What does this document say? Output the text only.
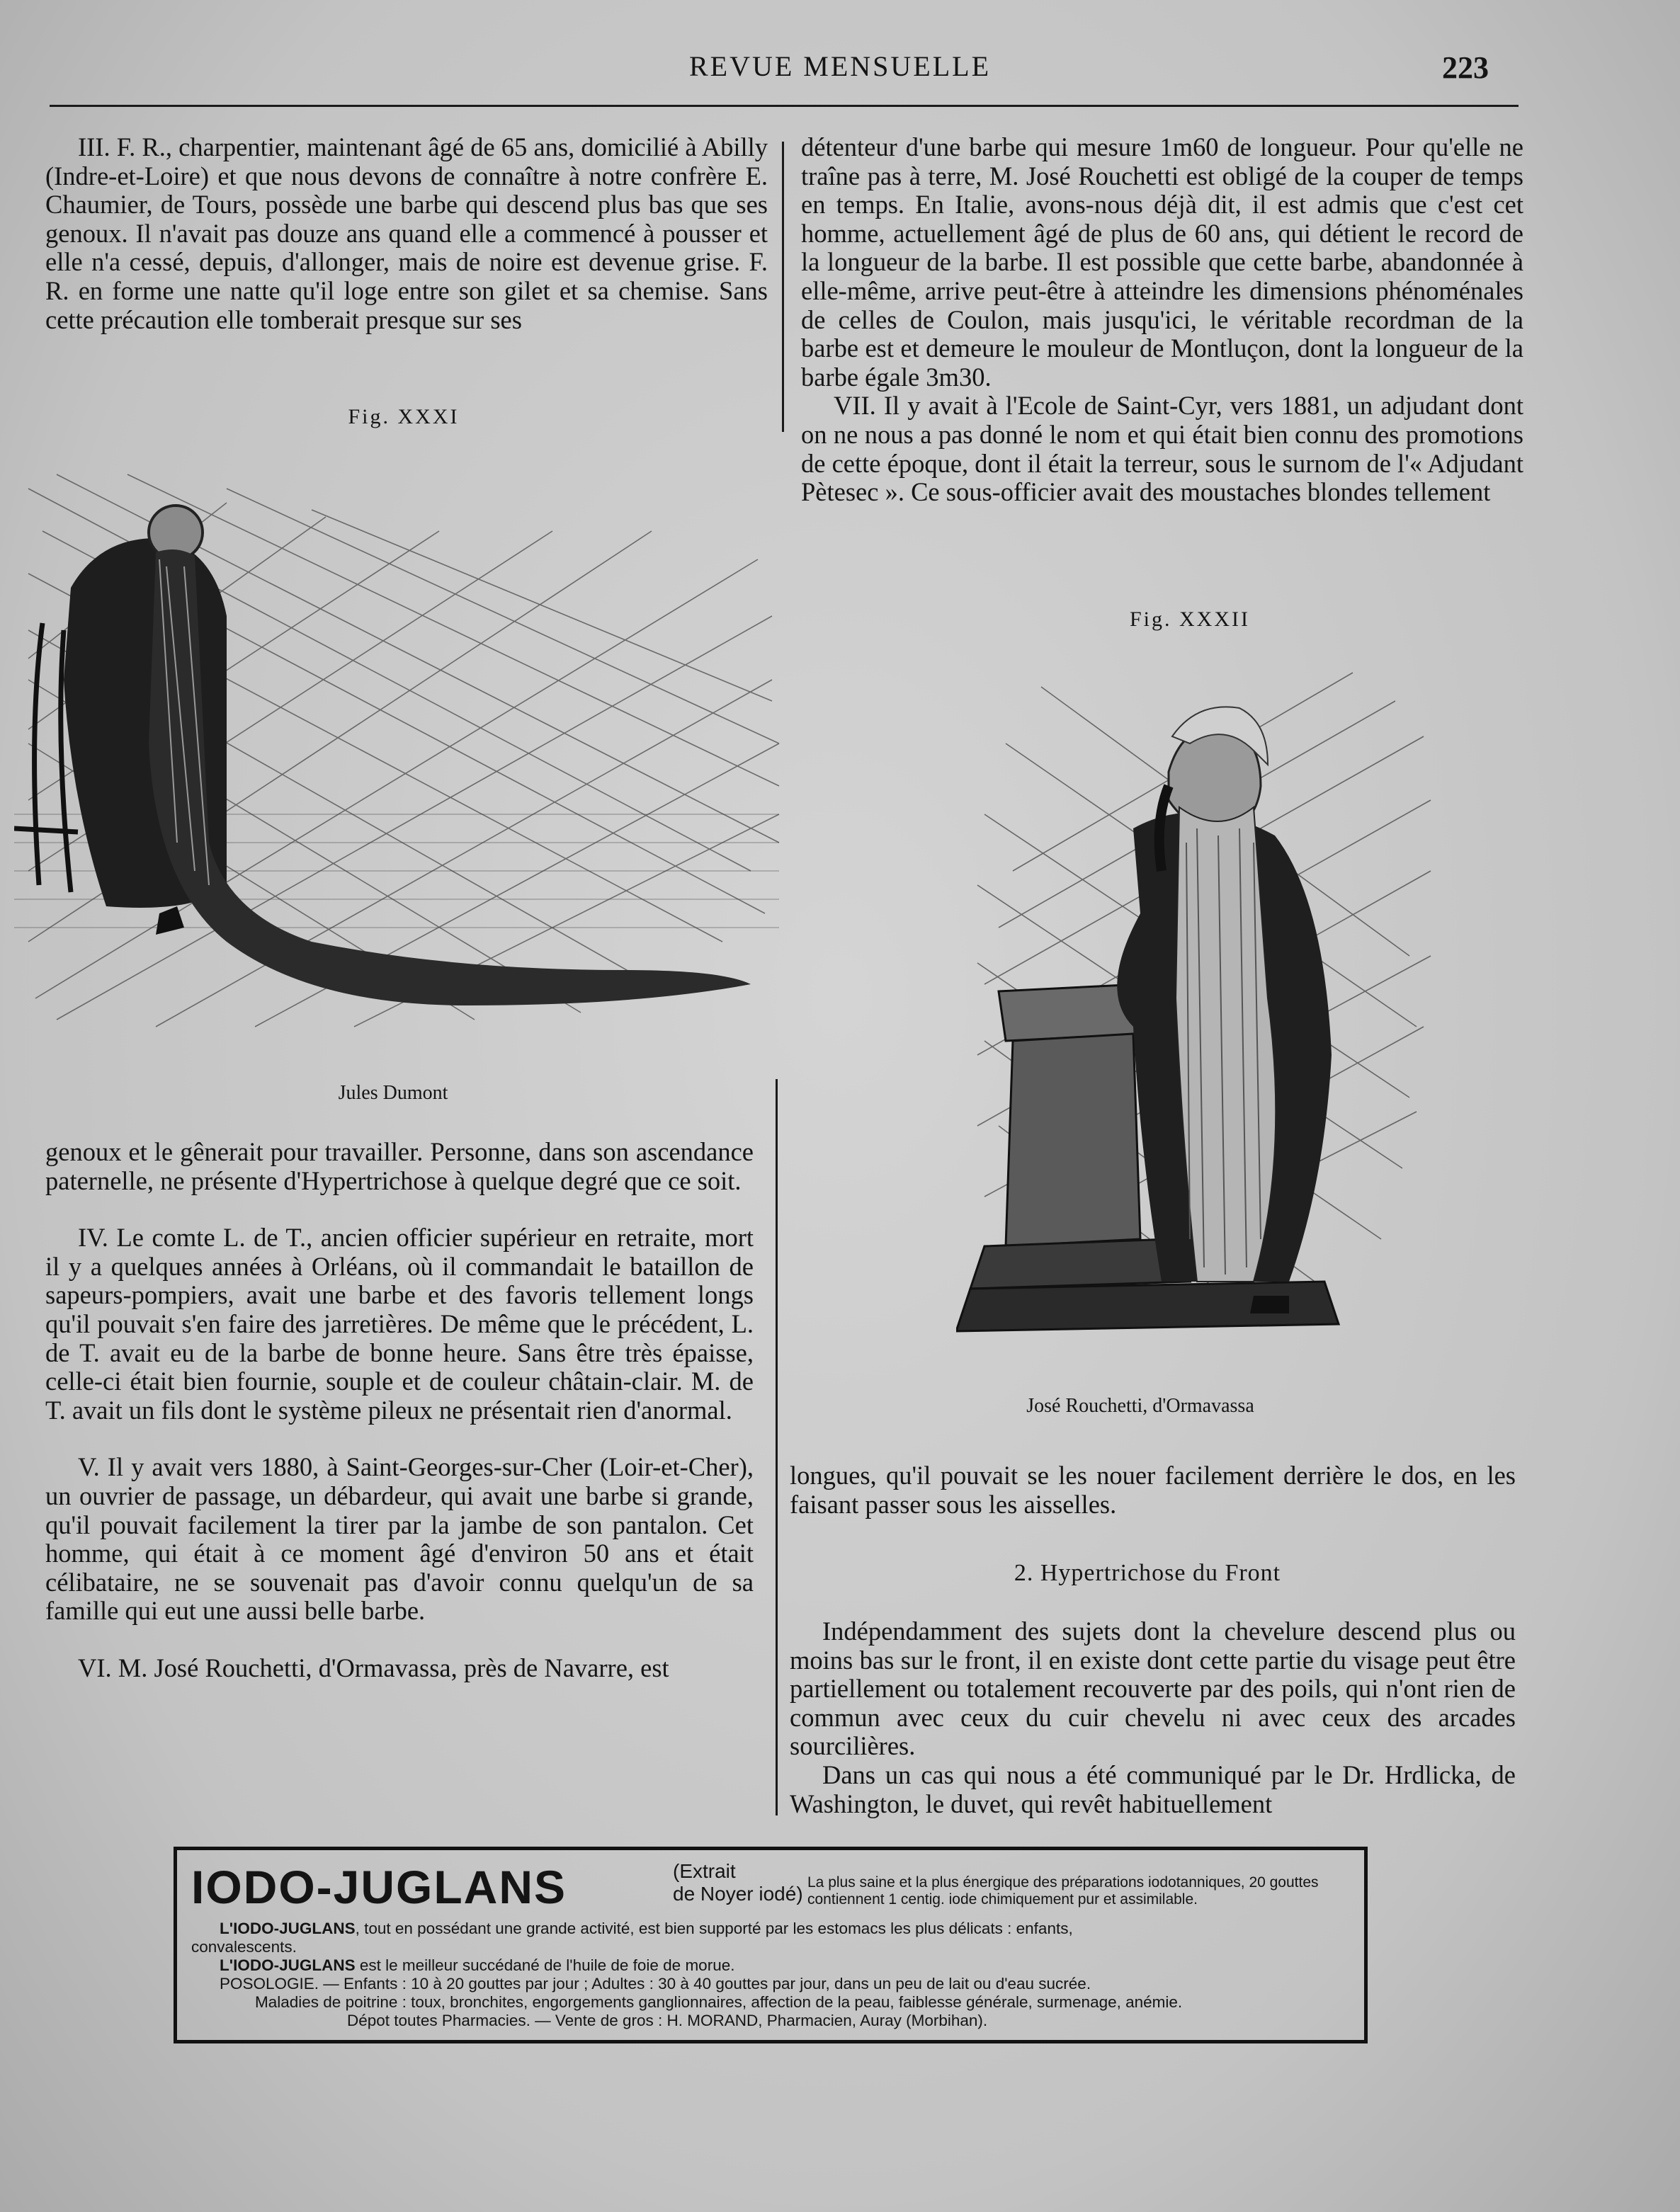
REVUE MENSUELLE	223

III. F. R., charpentier, maintenant âgé de 65 ans, domicilié à Abilly (Indre-et-Loire) et que nous devons de connaître à notre confrère E. Chaumier, de Tours, possède une barbe qui descend plus bas que ses genoux. Il n'avait pas douze ans quand elle a commencé à pousser et elle n'a cessé, depuis, d'allonger, mais de noire est devenue grise. F. R. en forme une natte qu'il loge entre son gilet et sa chemise. Sans cette précaution elle tomberait presque sur ses

Fig. XXXI
Jules Dumont

genoux et le gênerait pour travailler. Personne, dans son ascendance paternelle, ne présente d'Hypertrichose à quelque degré que ce soit.

IV. Le comte L. de T., ancien officier supérieur en retraite, mort il y a quelques années à Orléans, où il commandait le bataillon de sapeurs-pompiers, avait une barbe et des favoris tellement longs qu'il pouvait s'en faire des jarretières. De même que le précédent, L. de T. avait eu de la barbe de bonne heure. Sans être très épaisse, celle-ci était bien fournie, souple et de couleur châtain-clair. M. de T. avait un fils dont le système pileux ne présentait rien d'anormal.

V. Il y avait vers 1880, à Saint-Georges-sur-Cher (Loir-et-Cher), un ouvrier de passage, un débardeur, qui avait une barbe si grande, qu'il pouvait facilement la tirer par la jambe de son pantalon. Cet homme, qui était à ce moment âgé d'environ 50 ans et était célibataire, ne se souvenait pas d'avoir connu quelqu'un de sa famille qui eut une aussi belle barbe.

VI. M. José Rouchetti, d'Ormavassa, près de Navarre, est

détenteur d'une barbe qui mesure 1m60 de longueur. Pour qu'elle ne traîne pas à terre, M. José Rouchetti est obligé de la couper de temps en temps. En Italie, avons-nous déjà dit, il est admis que c'est cet homme, actuellement âgé de plus de 60 ans, qui détient le record de la longueur de la barbe. Il est possible que cette barbe, abandonnée à elle-même, arrive peut-être à atteindre les dimensions phénoménales de celles de Coulon, mais jusqu'ici, le véritable recordman de la barbe est et demeure le mouleur de Montluçon, dont la longueur de la barbe égale 3m30.

VII. Il y avait à l'Ecole de Saint-Cyr, vers 1881, un adjudant dont on ne nous a pas donné le nom et qui était bien connu des promotions de cette époque, dont il était la terreur, sous le surnom de l'« Adjudant Pètesec ». Ce sous-officier avait des moustaches blondes tellement

Fig. XXXII
José Rouchetti, d'Ormavassa

longues, qu'il pouvait se les nouer facilement derrière le dos, en les faisant passer sous les aisselles.

2. Hypertrichose du Front

Indépendamment des sujets dont la chevelure descend plus ou moins bas sur le front, il en existe dont cette partie du visage peut être partiellement ou totalement recouverte par des poils, qui n'ont rien de commun avec ceux du cuir chevelu ni avec ceux des arcades sourcilières.

Dans un cas qui nous a été communiqué par le Dr. Hrdlicka, de Washington, le duvet, qui revêt habituellement

IODO-JUGLANS	(Extrait
de Noyer iodé)
La plus saine et la plus énergique des préparations iodotanniques, 20 gouttes contiennent 1 centig. iode chimiquement pur et assimilable.
L'IODO-JUGLANS, tout en possédant une grande activité, est bien supporté par les estomacs les plus délicats : enfants,
convalescents.
L'IODO-JUGLANS est le meilleur succédané de l'huile de foie de morue.
POSOLOGIE. — Enfants : 10 à 20 gouttes par jour ; Adultes : 30 à 40 gouttes par jour, dans un peu de lait ou d'eau sucrée.
Maladies de poitrine : toux, bronchites, engorgements ganglionnaires, affection de la peau, faiblesse générale, surmenage, anémie.
Dépot toutes Pharmacies. — Vente de gros : H. MORAND, Pharmacien, Auray (Morbihan).
